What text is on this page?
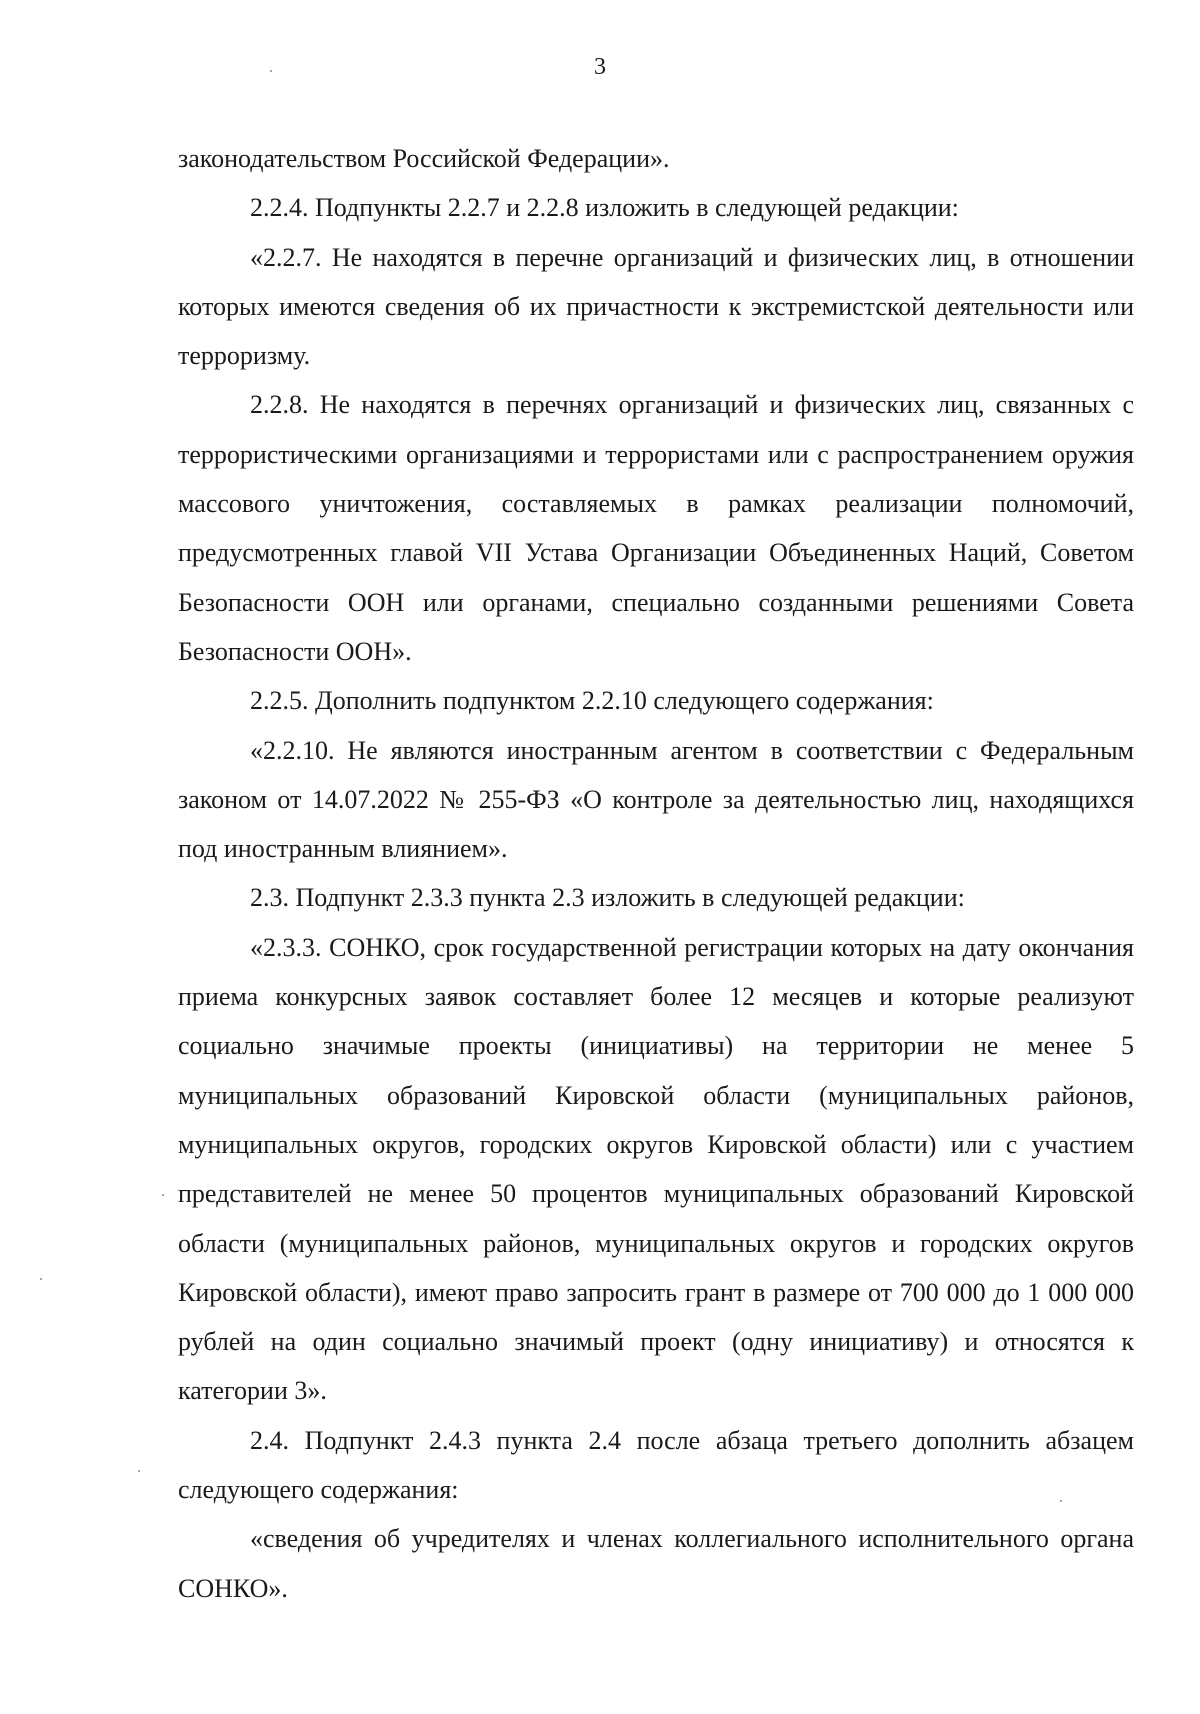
3

законодательством Российской Федерации».

2.2.4. Подпункты 2.2.7 и 2.2.8 изложить в следующей редакции:

«2.2.7. Не находятся в перечне организаций и физических лиц, в отношении которых имеются сведения об их причастности к экстремистской деятельности или терроризму.

2.2.8. Не находятся в перечнях организаций и физических лиц, связанных с террористическими организациями и террористами или с распространением оружия массового уничтожения, составляемых в рамках реализации полномочий, предусмотренных главой VII Устава Организации Объединенных Наций, Советом Безопасности ООН или органами, специально созданными решениями Совета Безопасности ООН».

2.2.5. Дополнить подпунктом 2.2.10 следующего содержания:

«2.2.10. Не являются иностранным агентом в соответствии с Федеральным законом от 14.07.2022 № 255-ФЗ «О контроле за деятельностью лиц, находящихся под иностранным влиянием».

2.3. Подпункт 2.3.3 пункта 2.3 изложить в следующей редакции:

«2.3.3. СОНКО, срок государственной регистрации которых на дату окончания приема конкурсных заявок составляет более 12 месяцев и которые реализуют социально значимые проекты (инициативы) на территории не менее 5 муниципальных образований Кировской области (муниципальных районов, муниципальных округов, городских округов Кировской области) или с участием представителей не менее 50 процентов муниципальных образований Кировской области (муниципальных районов, муниципальных округов и городских округов Кировской области), имеют право запросить грант в размере от 700 000 до 1 000 000 рублей на один социально значимый проект (одну инициативу) и относятся к категории 3».

2.4. Подпункт 2.4.3 пункта 2.4 после абзаца третьего дополнить абзацем следующего содержания:

«сведения об учредителях и членах коллегиального исполнительного органа СОНКО».
